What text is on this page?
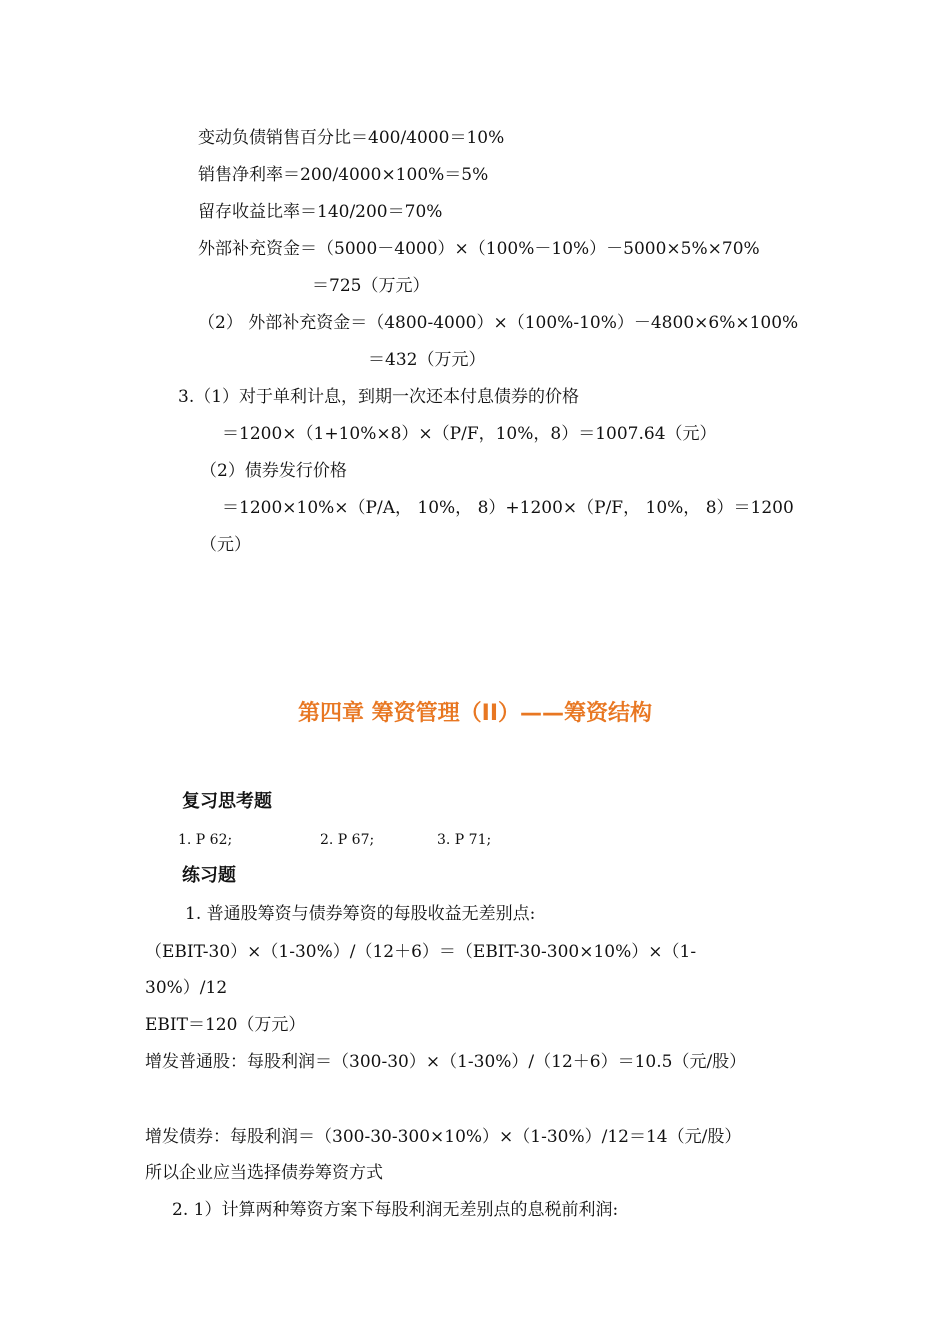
变动负债销售百分比＝400/4000＝10%
销售净利率＝200/4000×100%＝5%
留存收益比率＝140/200＝70%
外部补充资金＝（5000－4000）×（100%－10%）－5000×5%×70%
＝725（万元）
（2） 外部补充资金＝（4800-4000）×（100%-10%）－4800×6%×100%
＝432（万元）
3.（1）对于单利计息，到期一次还本付息债券的价格
＝1200×（1+10%×8）×（P/F，10%，8）＝1007.64（元）
（2）债券发行价格
＝1200×10%×（P/A， 10%， 8）+1200×（P/F， 10%， 8）＝1200
（元）
第四章 筹资管理（II）——筹资结构
复习思考题
1. P 62;	2. P 67;	3. P 71;
练习题
1. 普通股筹资与债券筹资的每股收益无差别点:
（EBIT-30）×（1-30%）/（12＋6）＝（EBIT-30-300×10%）×（1-
30%）/12
EBIT＝120（万元）
增发普通股：每股利润＝（300-30）×（1-30%）/（12＋6）＝10.5（元/股）
增发债券：每股利润＝（300-30-300×10%）×（1-30%）/12＝14（元/股）
所以企业应当选择债券筹资方式
2. 1）计算两种筹资方案下每股利润无差别点的息税前利润:
